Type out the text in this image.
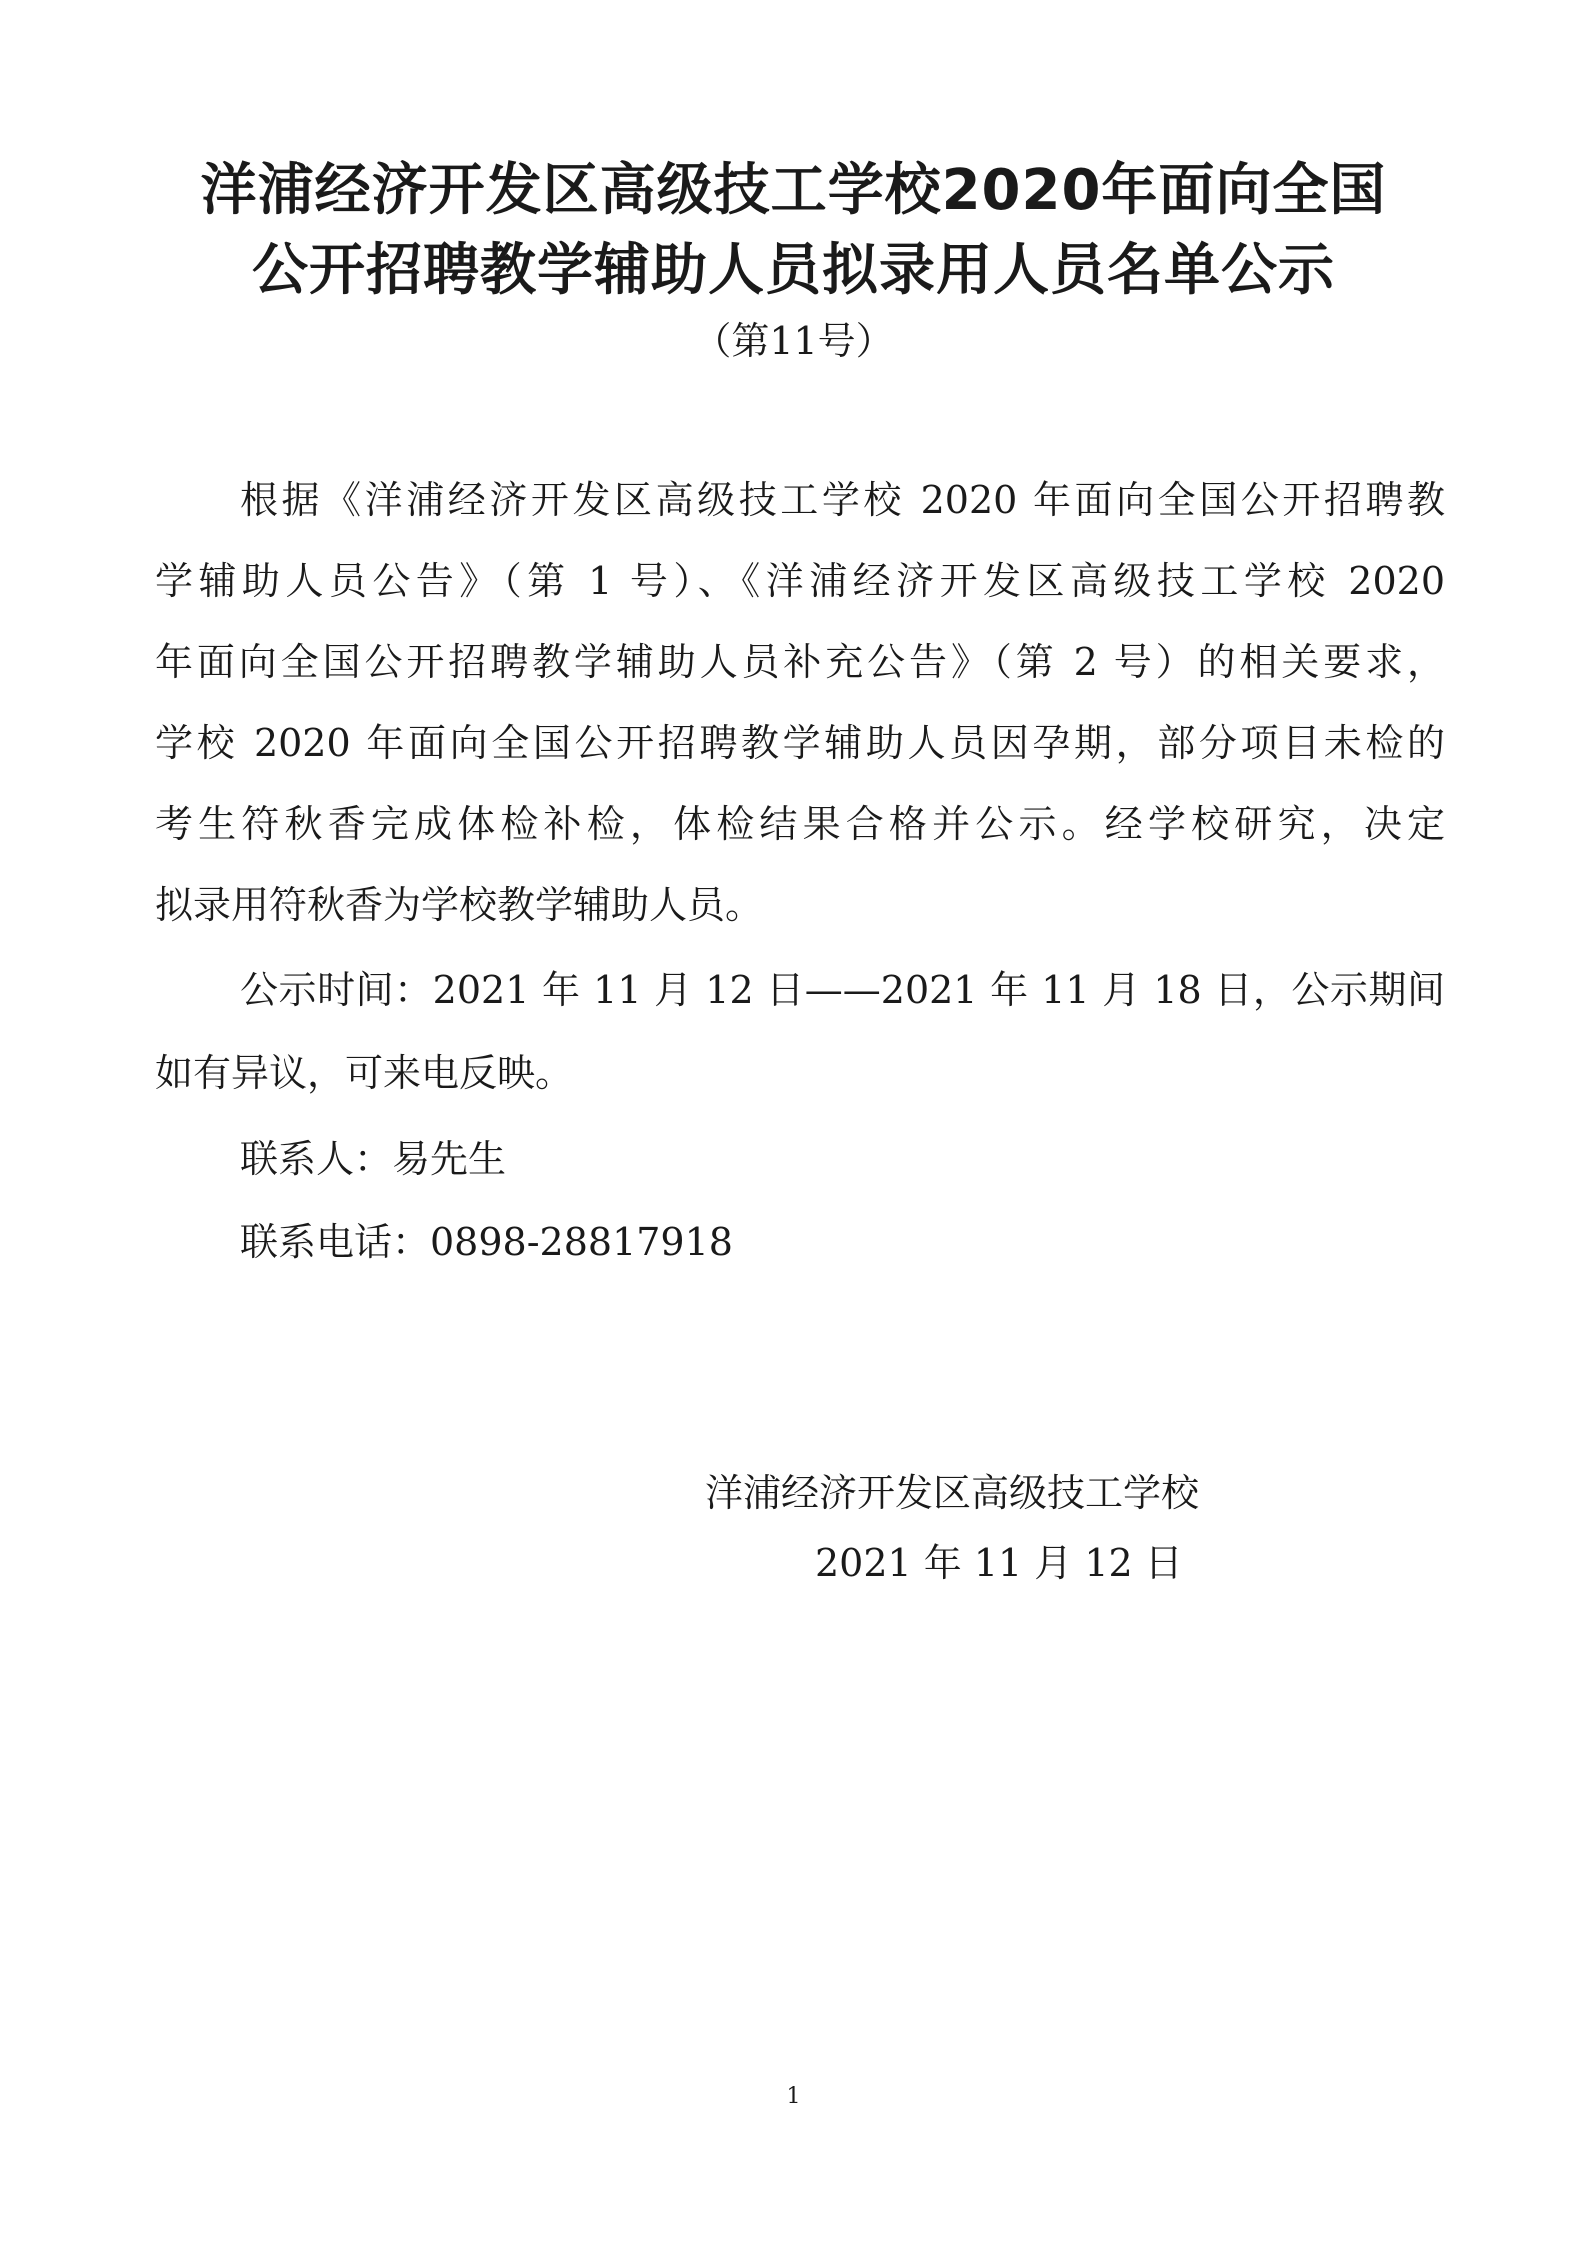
洋浦经济开发区高级技工学校2020年面向全国
公开招聘教学辅助人员拟录用人员名单公示
（第11号）
根据《洋浦经济开发区高级技工学校 2020 年面向全国公开招聘教
学辅助人员公告》（第 1 号）、《洋浦经济开发区高级技工学校 2020
年面向全国公开招聘教学辅助人员补充公告》（第 2 号）的相关要求，
学校 2020 年面向全国公开招聘教学辅助人员因孕期，部分项目未检的
考生符秋香完成体检补检，体检结果合格并公示。经学校研究，决定
拟录用符秋香为学校教学辅助人员。
公示时间：2021 年 11 月 12 日——2021 年 11 月 18 日，公示期间
如有异议，可来电反映。
联系人：易先生
联系电话：0898-28817918
洋浦经济开发区高级技工学校
2021 年 11 月 12 日
1
